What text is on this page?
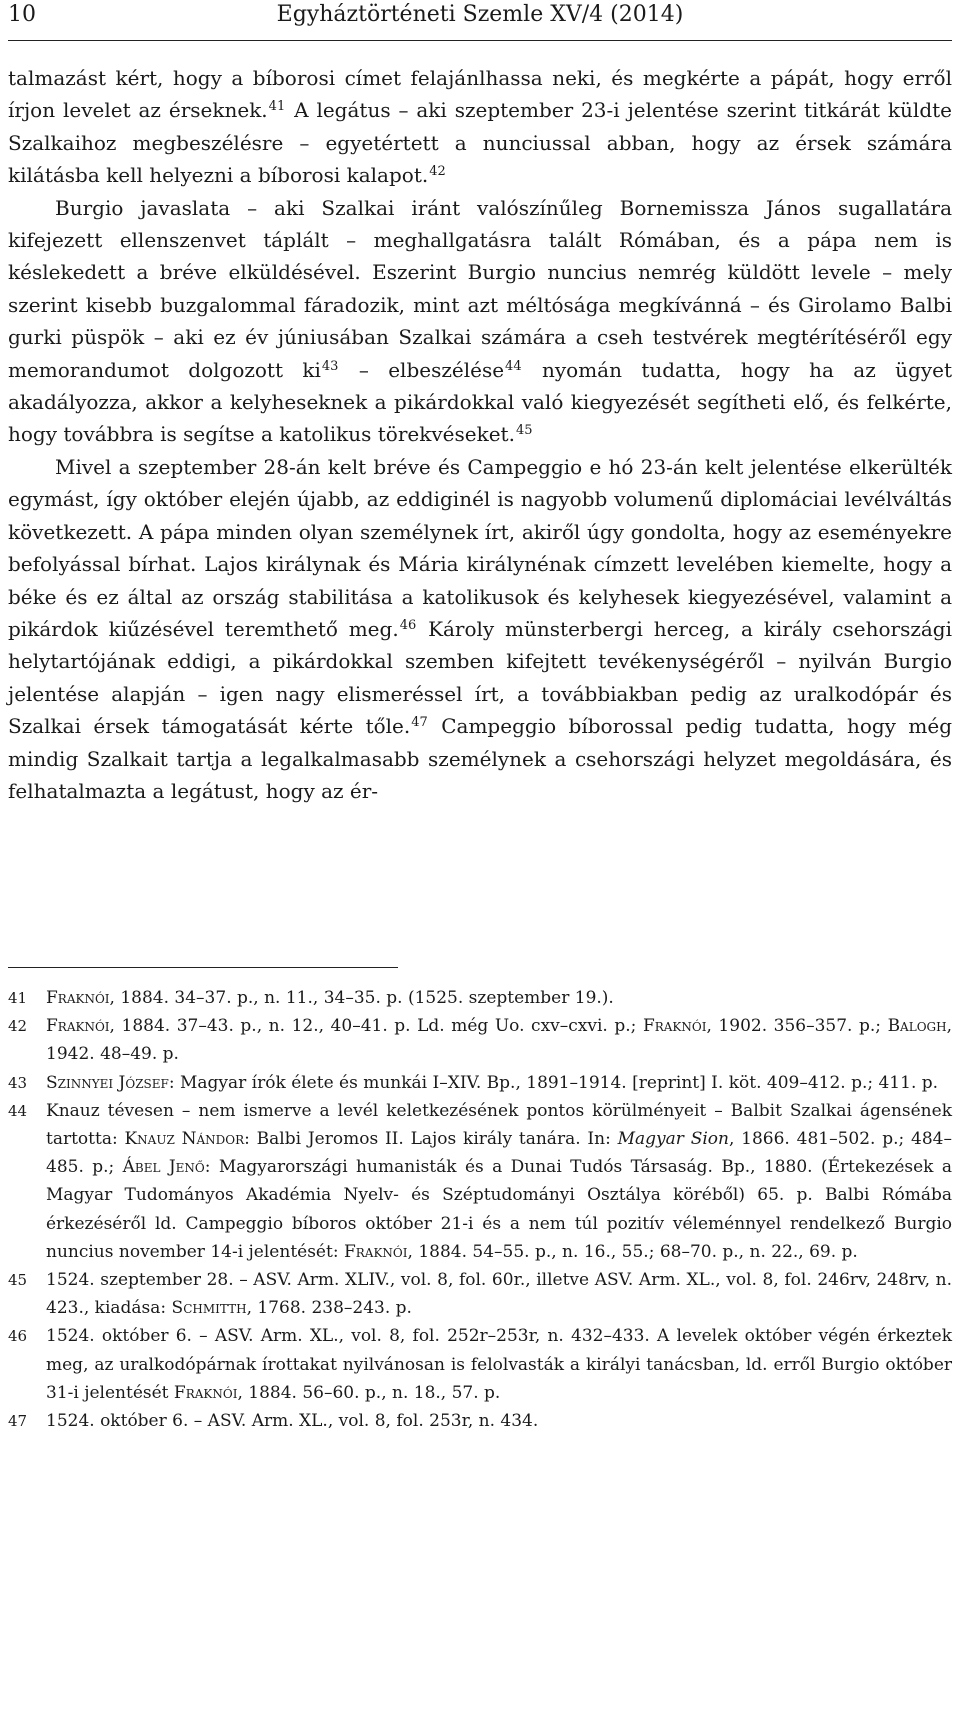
10	Egyháztörténeti Szemle XV/4 (2014)

talmazást kért, hogy a bíborosi címet felajánlhassa neki, és megkérte a pápát, hogy erről írjon levelet az érseknek.$^{41}$ A legátus – aki szeptember 23-i jelentése szerint titkárát küldte Szalkaihoz megbeszélésre – egyetértett a nunciussal abban, hogy az érsek számára kilátásba kell helyezni a bíborosi kalapot.$^{42}$

Burgio javaslata – aki Szalkai iránt valószínűleg Bornemissza János sugallatára kifejezett ellenszenvet táplált – meghallgatásra talált Rómában, és a pápa nem is késlekedett a bréve elküldésével. Eszerint Burgio nuncius nemrég küldött levele – mely szerint kisebb buzgalommal fáradozik, mint azt méltósága megkívánná – és Girolamo Balbi gurki püspök – aki ez év júniusában Szalkai számára a cseh testvérek megtérítéséről egy memorandumot dolgozott ki$^{43}$ – elbeszélése$^{44}$ nyomán tudatta, hogy ha az ügyet akadályozza, akkor a kelyheseknek a pikárdokkal való kiegyezését segítheti elő, és felkérte, hogy továbbra is segítse a katolikus törekvéseket.$^{45}$

Mivel a szeptember 28-án kelt bréve és Campeggio e hó 23-án kelt jelentése elkerülték egymást, így október elején újabb, az eddiginél is nagyobb volumenű diplomáciai levélváltás következett. A pápa minden olyan személynek írt, akiről úgy gondolta, hogy az eseményekre befolyással bírhat. Lajos királynak és Mária királynénak címzett levelében kiemelte, hogy a béke és ez által az ország stabilitása a katolikusok és kelyhesek kiegyezésével, valamint a pikárdok kiűzésével teremthető meg.$^{46}$ Károly münsterbergi herceg, a király csehországi helytartójának eddigi, a pikárdokkal szemben kifejtett tevékenységéről – nyilván Burgio jelentése alapján – igen nagy elismeréssel írt, a továbbiakban pedig az uralkodópár és Szalkai érsek támogatását kérte tőle.$^{47}$ Campeggio bíborossal pedig tudatta, hogy még mindig Szalkait tartja a legalkalmasabb személynek a csehországi helyzet megoldására, és felhatalmazta a legátust, hogy az ér-

41 Fraknói, 1884. 34–37. p., n. 11., 34–35. p. (1525. szeptember 19.).

42 Fraknói, 1884. 37–43. p., n. 12., 40–41. p. Ld. még Uo. cxv–cxvi. p.; Fraknói, 1902. 356–357. p.; Balogh, 1942. 48–49. p.

43 Szinnyei József: Magyar írók élete és munkái I–XIV. Bp., 1891–1914. [reprint] I. köt. 409–412. p.; 411. p.

44 Knauz tévesen – nem ismerve a levél keletkezésének pontos körülményeit – Balbit Szalkai ágensének tartotta: Knauz Nándor: Balbi Jeromos II. Lajos király tanára. In: Magyar Sion, 1866. 481–502. p.; 484–485. p.; Ábel Jenő: Magyarországi humanisták és a Dunai Tudós Társaság. Bp., 1880. (Értekezések a Magyar Tudományos Akadémia Nyelv- és Széptudományi Osztálya köréből) 65. p. Balbi Rómába érkezéséről ld. Campeggio bíboros október 21-i és a nem túl pozitív véleménnyel rendelkező Burgio nuncius november 14-i jelentését: Fraknói, 1884. 54–55. p., n. 16., 55.; 68–70. p., n. 22., 69. p.

45 1524. szeptember 28. – ASV. Arm. XLIV., vol. 8, fol. 60r., illetve ASV. Arm. XL., vol. 8, fol. 246rv, 248rv, n. 423., kiadása: Schmitth, 1768. 238–243. p.

46 1524. október 6. – ASV. Arm. XL., vol. 8, fol. 252r–253r, n. 432–433. A levelek október végén érkeztek meg, az uralkodópárnak írottakat nyilvánosan is felolvasták a királyi tanácsban, ld. erről Burgio október 31-i jelentését Fraknói, 1884. 56–60. p., n. 18., 57. p.

47 1524. október 6. – ASV. Arm. XL., vol. 8, fol. 253r, n. 434.
